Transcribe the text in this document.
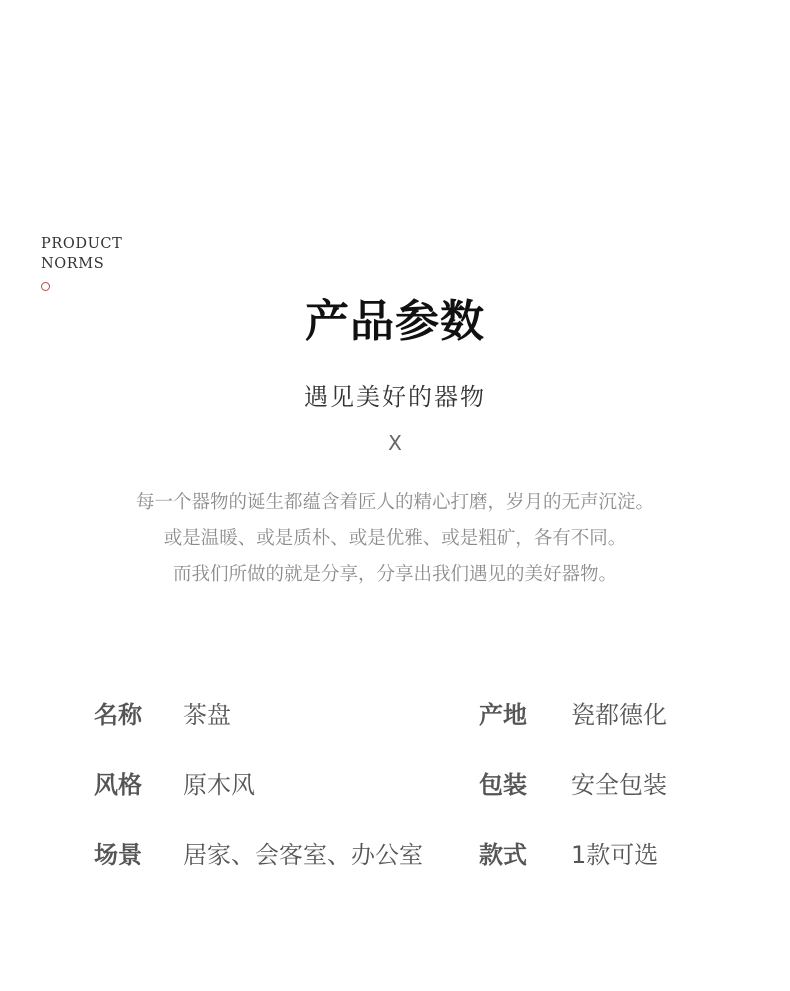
PRODUCT
NORMS
产品参数
遇见美好的器物
X
每一个器物的诞生都蕴含着匠人的精心打磨，岁月的无声沉淀。
或是温暖、或是质朴、或是优雅、或是粗矿，各有不同。
而我们所做的就是分享，分享出我们遇见的美好器物。
名称 茶盘	产地 瓷都德化
风格 原木风	包装 安全包装
场景 居家、会客室、办公室 款式 1款可选
